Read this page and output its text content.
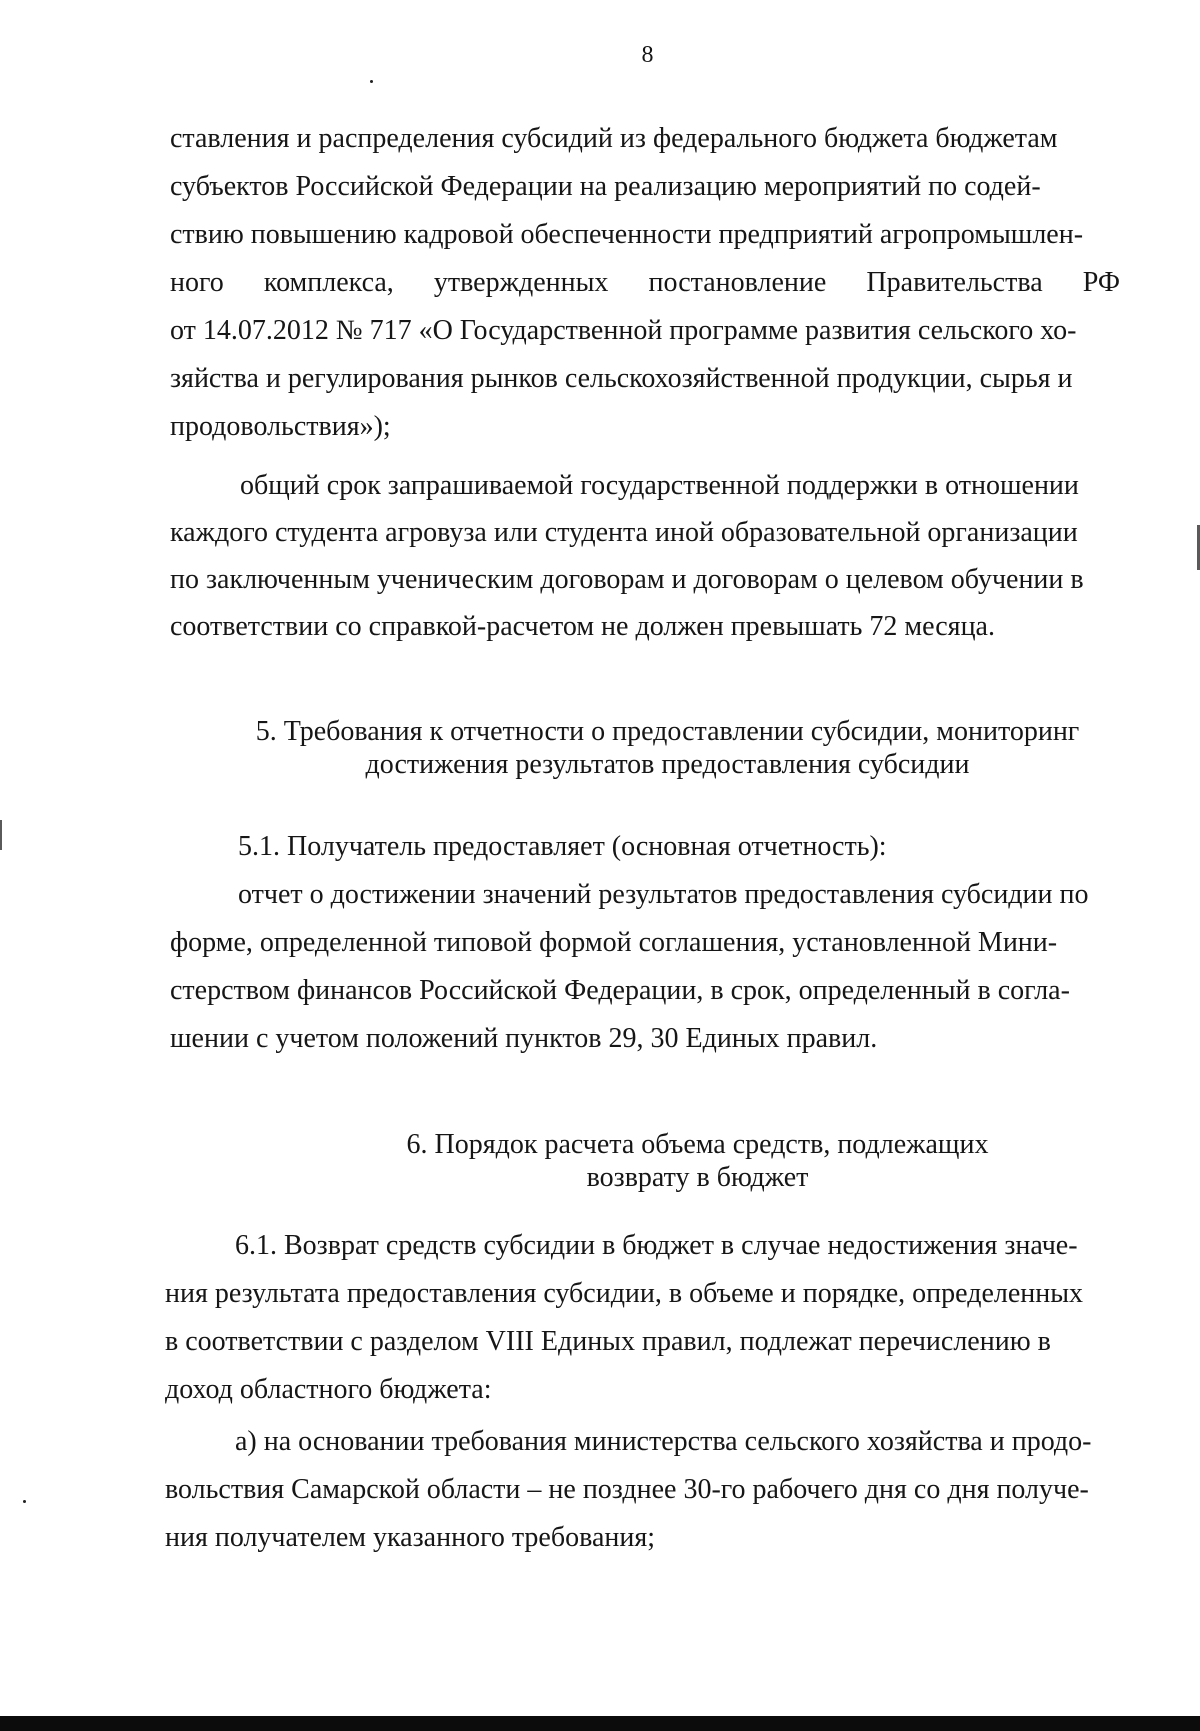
8
ставления и распределения субсидий из федерального бюджета бюджетам
субъектов Российской Федерации на реализацию мероприятий по содей-
ствию повышению кадровой обеспеченности предприятий агропромышлен-
ного комплекса, утвержденных постановление Правительства РФ
от 14.07.2012 № 717 «О Государственной программе развития сельского хо-
зяйства и регулирования рынков сельскохозяйственной продукции, сырья и
продовольствия»);
общий срок запрашиваемой государственной поддержки в отношении
каждого студента агровуза или студента иной образовательной организации
по заключенным ученическим договорам и договорам о целевом обучении в
соответствии со справкой-расчетом не должен превышать 72 месяца.
5. Требования к отчетности о предоставлении субсидии, мониторинг
достижения результатов предоставления субсидии
5.1. Получатель предоставляет (основная отчетность):
отчет о достижении значений результатов предоставления субсидии по
форме, определенной типовой формой соглашения, установленной Мини-
стерством финансов Российской Федерации, в срок, определенный в согла-
шении с учетом положений пунктов 29, 30 Единых правил.
6. Порядок расчета объема средств, подлежащих
возврату в бюджет
6.1. Возврат средств субсидии в бюджет в случае недостижения значе-
ния результата предоставления субсидии, в объеме и порядке, определенных
в соответствии с разделом VIII Единых правил, подлежат перечислению в
доход областного бюджета:
а) на основании требования министерства сельского хозяйства и продо-
вольствия Самарской области – не позднее 30-го рабочего дня со дня получе-
ния получателем указанного требования;
